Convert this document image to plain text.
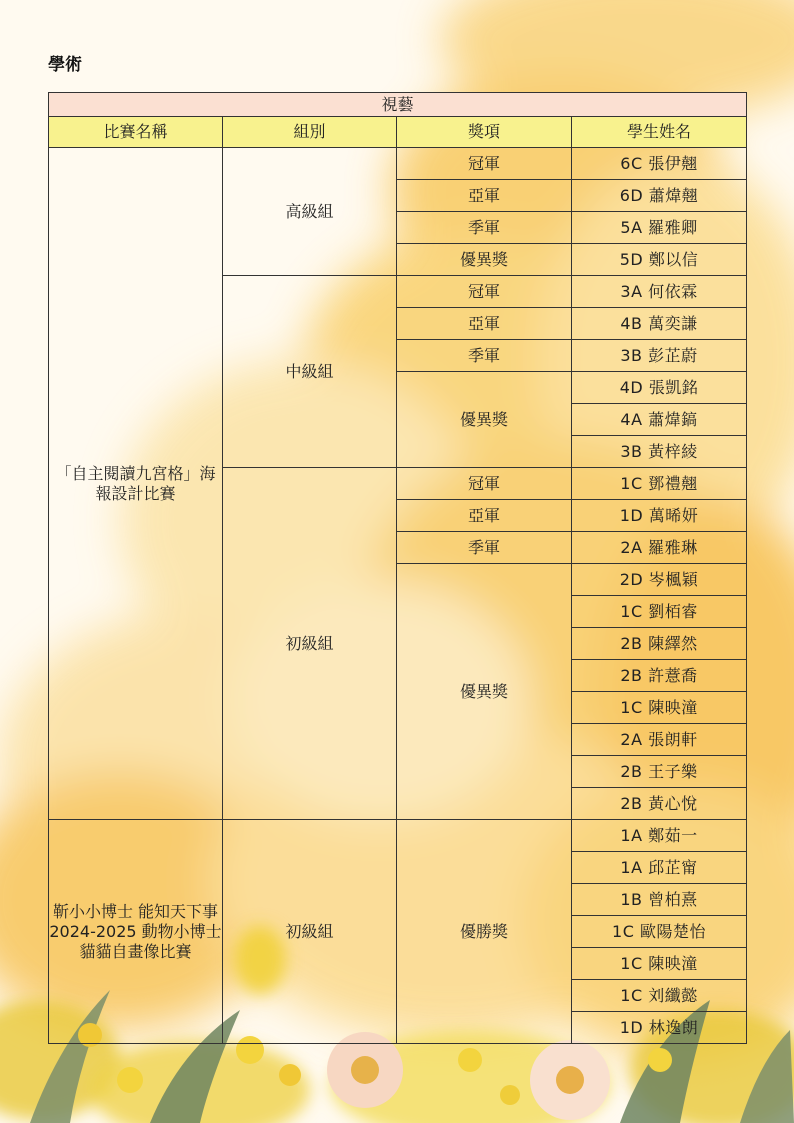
學術
視藝			
比賽名稱	組別	獎項	學生姓名
「自主閱讀九宮格」海報設計比賽	高級組	冠軍	6C 張伊翹
		亞軍	6D 蕭煒翹
		季軍	5A 羅雅卿
		優異獎	5D 鄭以信
	中級組	冠軍	3A 何依霖
		亞軍	4B 萬奕謙
		季軍	3B 彭芷蔚
		優異獎	4D 張凱銘
			4A 蕭煒鎬
			3B 黃梓綾
	初級組	冠軍	1C 鄧禮翹
		亞軍	1D 萬晞妍
		季軍	2A 羅雅琳
		優異獎	2D 岑楓穎
			1C 劉栢睿
			2B 陳繹然
			2B 許薏喬
			1C 陳映潼
			2A 張朗軒
			2B 王子樂
			2B 黃心悅
靳小小博士 能知天下事 2024-2025 動物小博士貓貓自畫像比賽	初級組	優勝獎	1A 鄭茹一
			1A 邱芷甯
			1B 曾柏熹
			1C 歐陽楚怡
			1C 陳映潼
			1C 刘纖懿
			1D 林逸朗
